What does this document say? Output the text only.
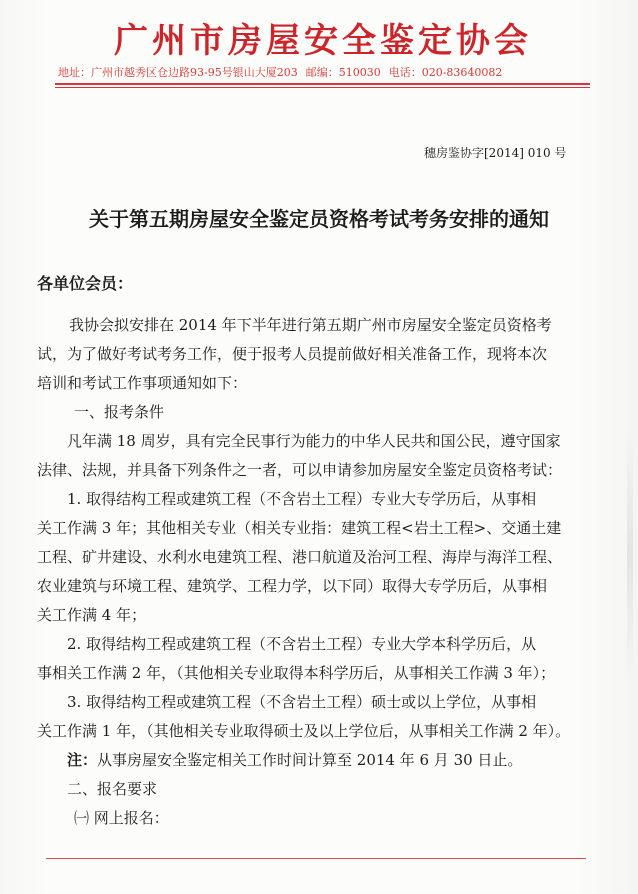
广州市房屋安全鉴定协会
地址：广州市越秀区仓边路93-95号银山大厦203 邮编：510030 电话：020-83640082
穗房鉴协字[2014] 010 号
关于第五期房屋安全鉴定员资格考试考务安排的通知
各单位会员：
我协会拟安排在 2014 年下半年进行第五期广州市房屋安全鉴定员资格考
试，为了做好考试考务工作，便于报考人员提前做好相关准备工作，现将本次
培训和考试工作事项通知如下：
一、报考条件
凡年满 18 周岁，具有完全民事行为能力的中华人民共和国公民，遵守国家
法律、法规，并具备下列条件之一者，可以申请参加房屋安全鉴定员资格考试：
1. 取得结构工程或建筑工程（不含岩土工程）专业大专学历后，从事相
关工作满 3 年；其他相关专业（相关专业指：建筑工程<岩土工程>、交通土建
工程、矿井建设、水利水电建筑工程、港口航道及治河工程、海岸与海洋工程、
农业建筑与环境工程、建筑学、工程力学，以下同）取得大专学历后，从事相
关工作满 4 年；
2. 取得结构工程或建筑工程（不含岩土工程）专业大学本科学历后，从
事相关工作满 2 年，（其他相关专业取得本科学历后，从事相关工作满 3 年）；
3. 取得结构工程或建筑工程（不含岩土工程）硕士或以上学位，从事相
关工作满 1 年，（其他相关专业取得硕士及以上学位后，从事相关工作满 2 年）。
注：从事房屋安全鉴定相关工作时间计算至 2014 年 6 月 30 日止。
二、报名要求
㈠ 网上报名：
